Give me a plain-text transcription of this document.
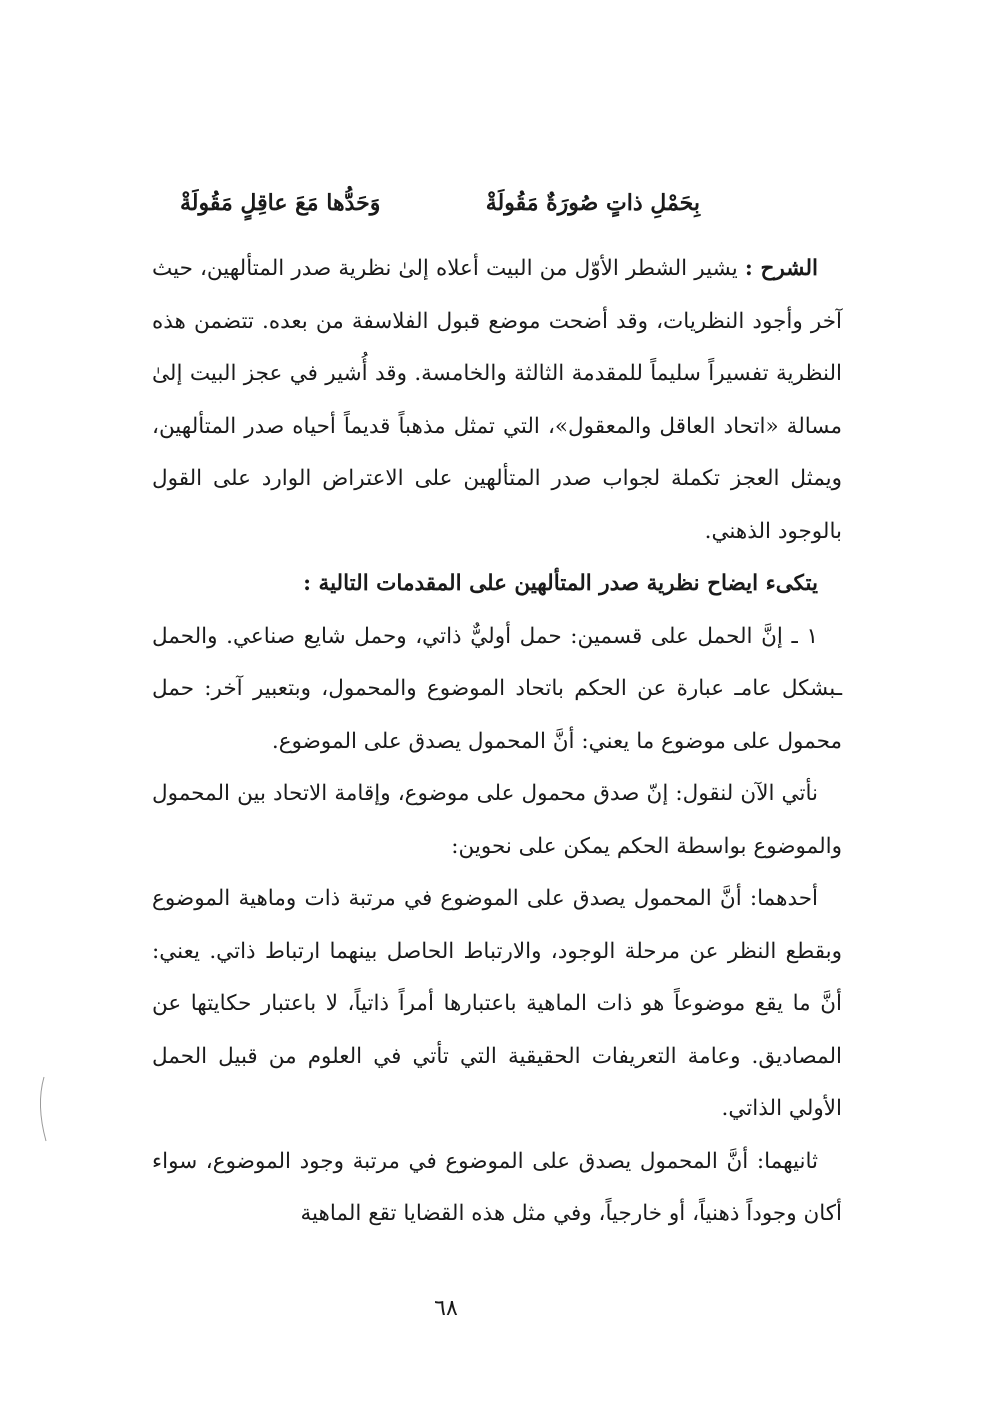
بِحَمْلِ ذاتٍ صُورَةٌ مَقُولَةْ
وَحَدُّها مَعَ عاقِلٍ مَقُولَةْ

الشرح : يشير الشطر الأوّل من البيت أعلاه إلىٰ نظرية صدر المتألهين، حيث آخر وأجود النظريات، وقد أضحت موضع قبول الفلاسفة من بعده. تتضمن هذه النظرية تفسيراً سليماً للمقدمة الثالثة والخامسة. وقد أُشير في عجز البيت إلىٰ مسالة «اتحاد العاقل والمعقول»، التي تمثل مذهباً قديماً أحياه صدر المتألهين، ويمثل العجز تكملة لجواب صدر المتألهين على الاعتراض الوارد على القول بالوجود الذهني.

يتكىء ايضاح نظرية صدر المتألهين على المقدمات التالية :

١ ـ إنَّ الحمل على قسمين: حمل أوليٌّ ذاتي، وحمل شايع صناعي. والحمل ـبشكل عامـ عبارة عن الحكم باتحاد الموضوع والمحمول، وبتعبير آخر: حمل محمول على موضوع ما يعني: أنَّ المحمول يصدق على الموضوع.

نأتي الآن لنقول: إنّ صدق محمول على موضوع، وإقامة الاتحاد بين المحمول والموضوع بواسطة الحكم يمكن على نحوين:

أحدهما: أنَّ المحمول يصدق على الموضوع في مرتبة ذات وماهية الموضوع وبقطع النظر عن مرحلة الوجود، والارتباط الحاصل بينهما ارتباط ذاتي. يعني: أنَّ ما يقع موضوعاً هو ذات الماهية باعتبارها أمراً ذاتياً، لا باعتبار حكايتها عن المصاديق. وعامة التعريفات الحقيقية التي تأتي في العلوم من قبيل الحمل الأولي الذاتي.

ثانيهما: أنَّ المحمول يصدق على الموضوع في مرتبة وجود الموضوع، سواء أكان وجوداً ذهنياً، أو خارجياً، وفي مثل هذه القضايا تقع الماهية

٦٨
